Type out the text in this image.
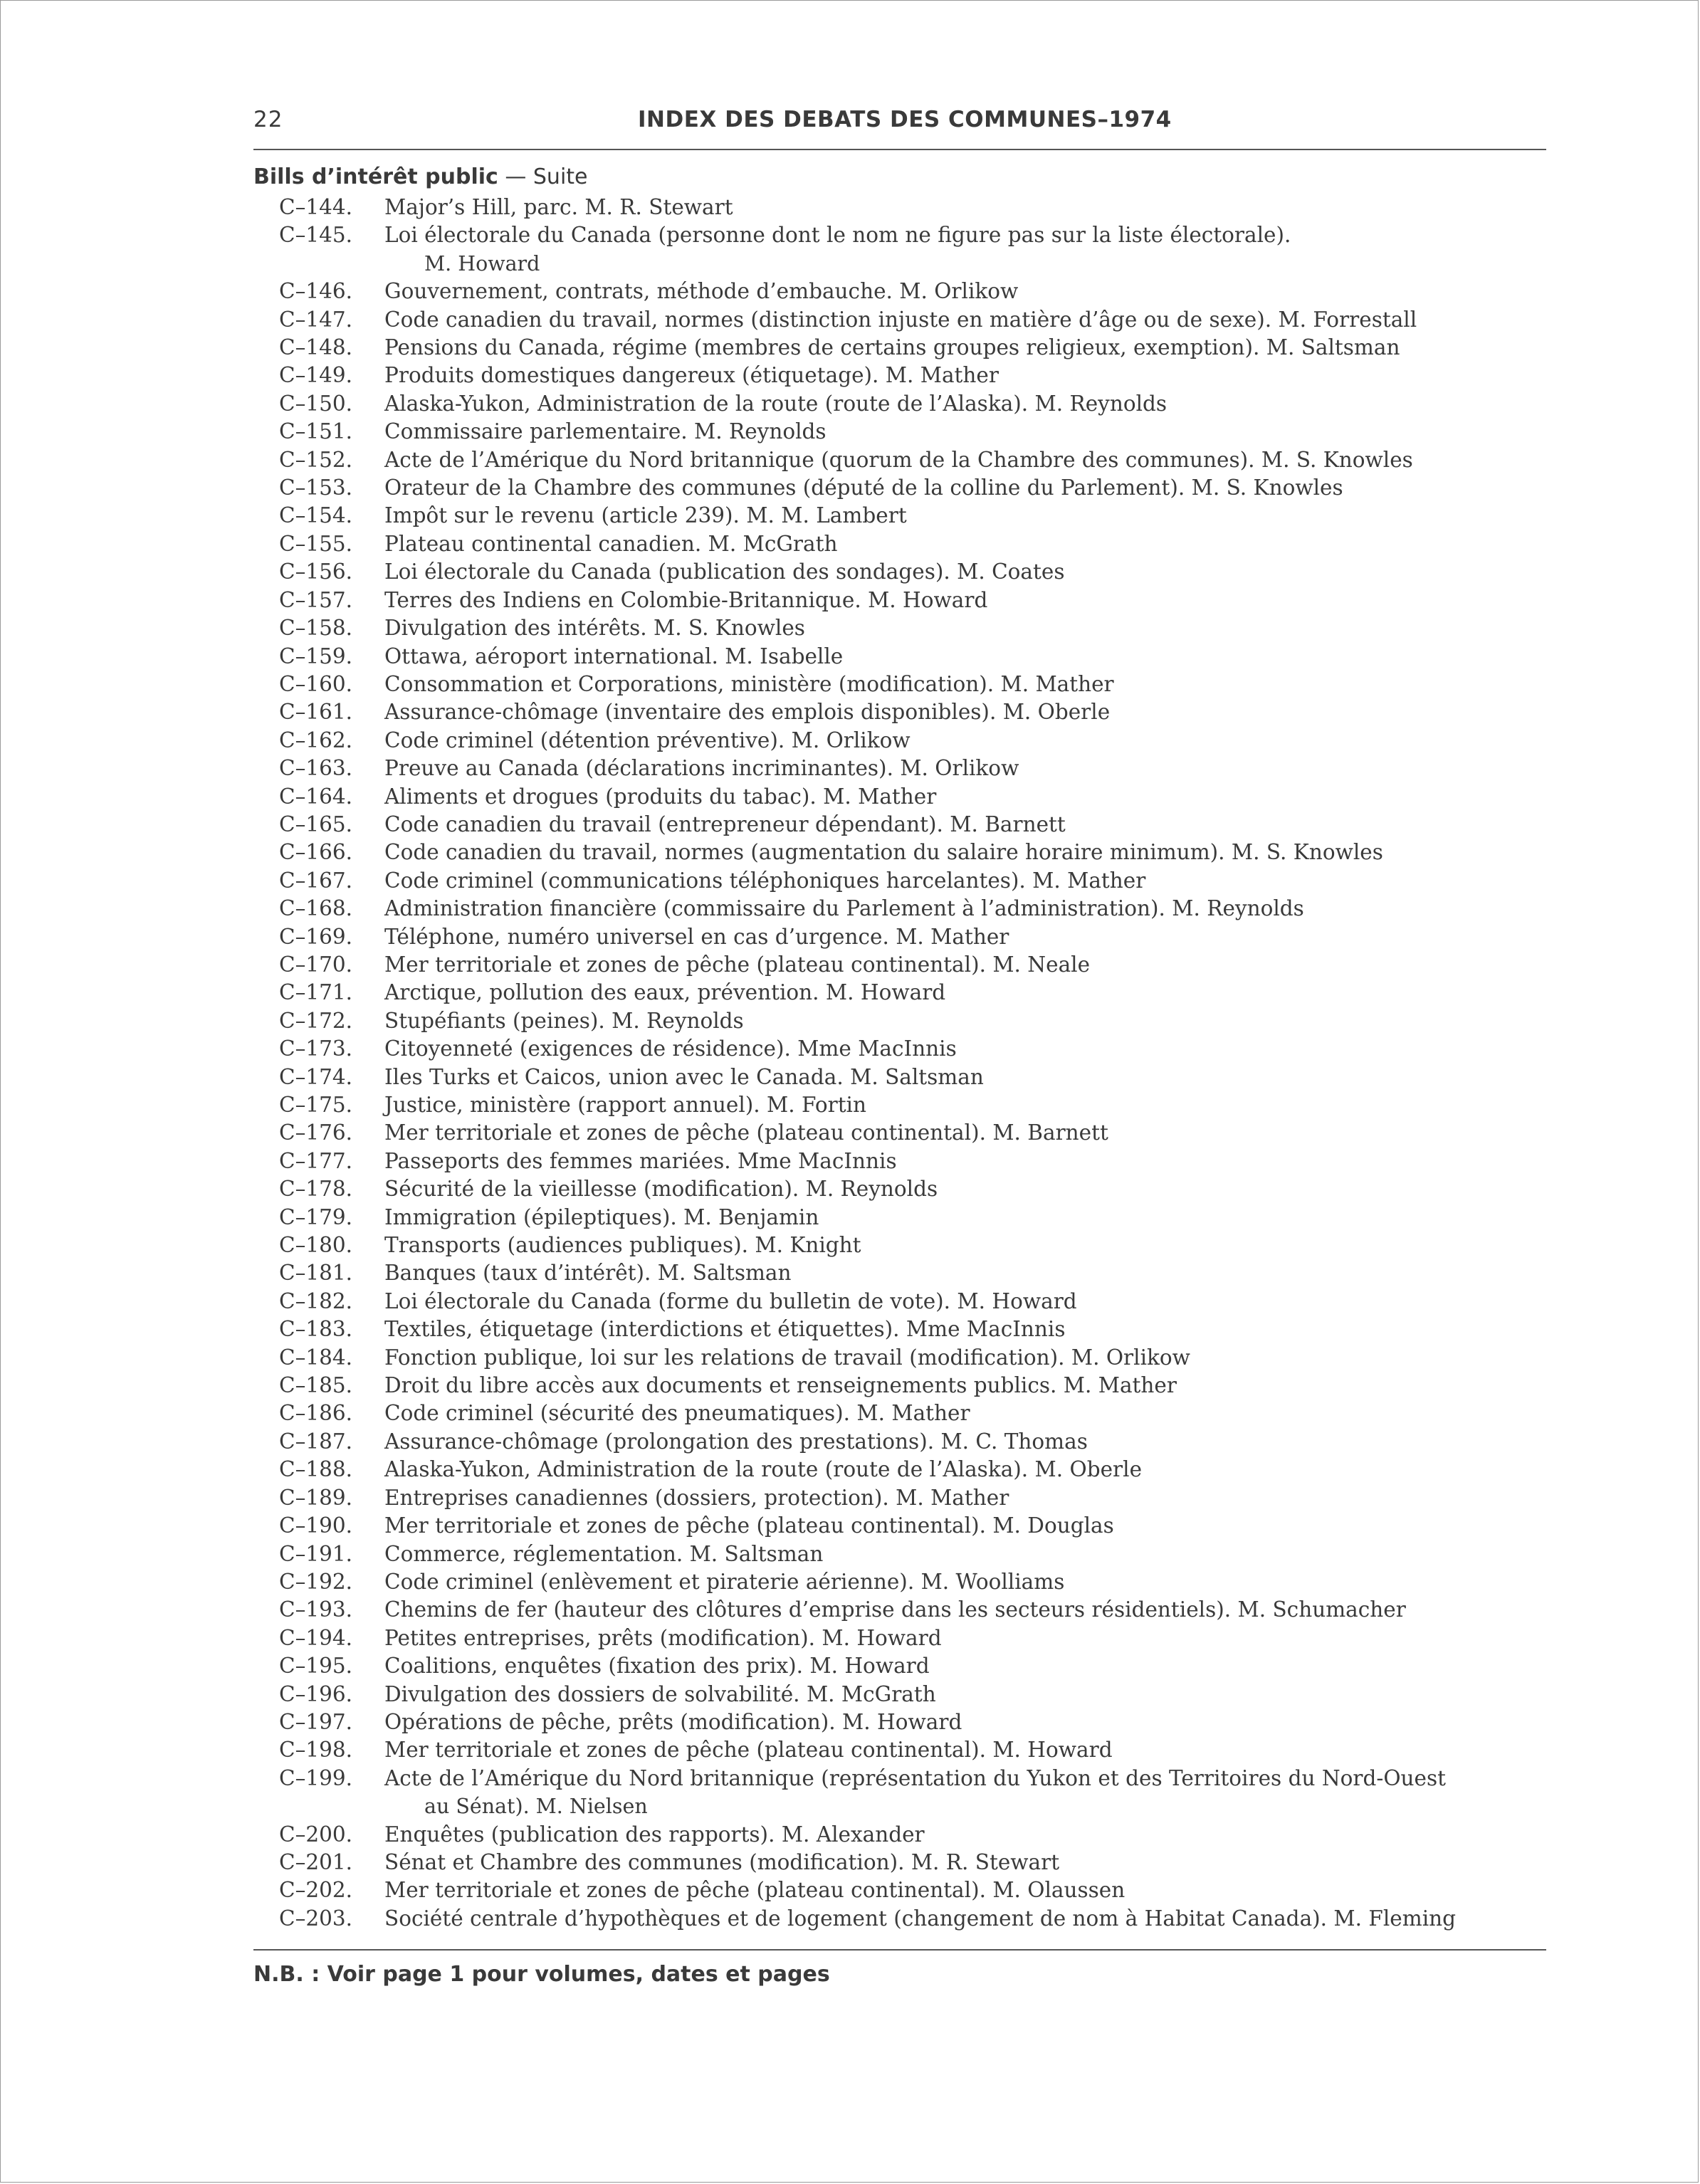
22	INDEX DES DEBATS DES COMMUNES–1974
Bills d’intérêt public — Suite
C–144.	Major’s Hill, parc. M. R. Stewart
C–145.	Loi électorale du Canada (personne dont le nom ne figure pas sur la liste électorale).
M. Howard
C–146.	Gouvernement, contrats, méthode d’embauche. M. Orlikow
C–147.	Code canadien du travail, normes (distinction injuste en matière d’âge ou de sexe). M. Forrestall
C–148.	Pensions du Canada, régime (membres de certains groupes religieux, exemption). M. Saltsman
C–149.	Produits domestiques dangereux (étiquetage). M. Mather
C–150.	Alaska-Yukon, Administration de la route (route de l’Alaska). M. Reynolds
C–151.	Commissaire parlementaire. M. Reynolds
C–152.	Acte de l’Amérique du Nord britannique (quorum de la Chambre des communes). M. S. Knowles
C–153.	Orateur de la Chambre des communes (député de la colline du Parlement). M. S. Knowles
C–154.	Impôt sur le revenu (article 239). M. M. Lambert
C–155.	Plateau continental canadien. M. McGrath
C–156.	Loi électorale du Canada (publication des sondages). M. Coates
C–157.	Terres des Indiens en Colombie-Britannique. M. Howard
C–158.	Divulgation des intérêts. M. S. Knowles
C–159.	Ottawa, aéroport international. M. Isabelle
C–160.	Consommation et Corporations, ministère (modification). M. Mather
C–161.	Assurance-chômage (inventaire des emplois disponibles). M. Oberle
C–162.	Code criminel (détention préventive). M. Orlikow
C–163.	Preuve au Canada (déclarations incriminantes). M. Orlikow
C–164.	Aliments et drogues (produits du tabac). M. Mather
C–165.	Code canadien du travail (entrepreneur dépendant). M. Barnett
C–166.	Code canadien du travail, normes (augmentation du salaire horaire minimum). M. S. Knowles
C–167.	Code criminel (communications téléphoniques harcelantes). M. Mather
C–168.	Administration financière (commissaire du Parlement à l’administration). M. Reynolds
C–169.	Téléphone, numéro universel en cas d’urgence. M. Mather
C–170.	Mer territoriale et zones de pêche (plateau continental). M. Neale
C–171.	Arctique, pollution des eaux, prévention. M. Howard
C–172.	Stupéfiants (peines). M. Reynolds
C–173.	Citoyenneté (exigences de résidence). Mme MacInnis
C–174.	Iles Turks et Caicos, union avec le Canada. M. Saltsman
C–175.	Justice, ministère (rapport annuel). M. Fortin
C–176.	Mer territoriale et zones de pêche (plateau continental). M. Barnett
C–177.	Passeports des femmes mariées. Mme MacInnis
C–178.	Sécurité de la vieillesse (modification). M. Reynolds
C–179.	Immigration (épileptiques). M. Benjamin
C–180.	Transports (audiences publiques). M. Knight
C–181.	Banques (taux d’intérêt). M. Saltsman
C–182.	Loi électorale du Canada (forme du bulletin de vote). M. Howard
C–183.	Textiles, étiquetage (interdictions et étiquettes). Mme MacInnis
C–184.	Fonction publique, loi sur les relations de travail (modification). M. Orlikow
C–185.	Droit du libre accès aux documents et renseignements publics. M. Mather
C–186.	Code criminel (sécurité des pneumatiques). M. Mather
C–187.	Assurance-chômage (prolongation des prestations). M. C. Thomas
C–188.	Alaska-Yukon, Administration de la route (route de l’Alaska). M. Oberle
C–189.	Entreprises canadiennes (dossiers, protection). M. Mather
C–190.	Mer territoriale et zones de pêche (plateau continental). M. Douglas
C–191.	Commerce, réglementation. M. Saltsman
C–192.	Code criminel (enlèvement et piraterie aérienne). M. Woolliams
C–193.	Chemins de fer (hauteur des clôtures d’emprise dans les secteurs résidentiels). M. Schumacher
C–194.	Petites entreprises, prêts (modification). M. Howard
C–195.	Coalitions, enquêtes (fixation des prix). M. Howard
C–196.	Divulgation des dossiers de solvabilité. M. McGrath
C–197.	Opérations de pêche, prêts (modification). M. Howard
C–198.	Mer territoriale et zones de pêche (plateau continental). M. Howard
C–199.	Acte de l’Amérique du Nord britannique (représentation du Yukon et des Territoires du Nord-Ouest
au Sénat). M. Nielsen
C–200.	Enquêtes (publication des rapports). M. Alexander
C–201.	Sénat et Chambre des communes (modification). M. R. Stewart
C–202.	Mer territoriale et zones de pêche (plateau continental). M. Olaussen
C–203.	Société centrale d’hypothèques et de logement (changement de nom à Habitat Canada). M. Fleming
N.B. : Voir page 1 pour volumes, dates et pages
